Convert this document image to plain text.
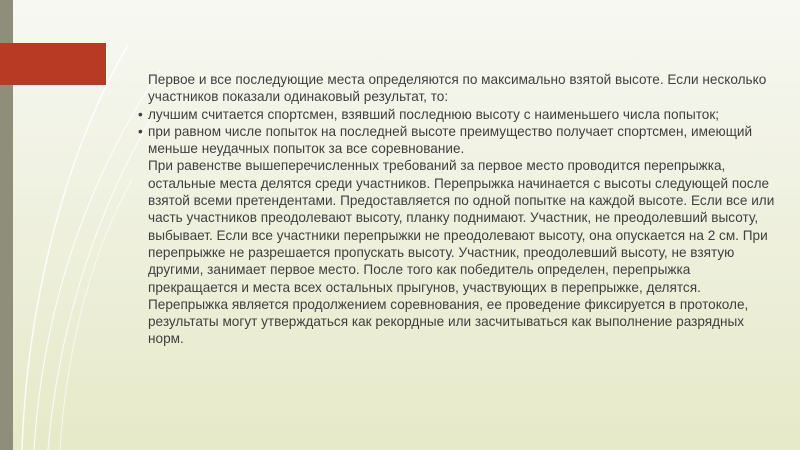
Первое и все последующие места определяются по максимально взятой высоте. Если несколько участников показали одинаковый результат, то:

• лучшим считается спортсмен, взявший последнюю высоту с наименьшего числа попыток;

• при равном числе попыток на последней высоте преимущество получает спортсмен, имеющий меньше неудачных попыток за все соревнование.

При равенстве вышеперечисленных требований за первое место проводится перепрыжка, остальные места делятся среди участников. Перепрыжка начинается с высоты следующей после взятой всеми претендентами. Предоставляется по одной попытке на каждой высоте. Если все или часть участников преодолевают высоту, планку поднимают. Участник, не преодолевший высоту, выбывает. Если все участники перепрыжки не преодолевают высоту, она опускается на 2 см. При перепрыжке не разрешается пропускать высоту. Участник, преодолевший высоту, не взятую другими, занимает первое место. После того как победитель определен, перепрыжка прекращается и места всех остальных прыгунов, участвующих в перепрыжке, делятся. Перепрыжка является продолжением соревнования, ее проведение фиксируется в протоколе, результаты могут утверждаться как рекордные или засчитываться как выполнение разрядных норм.
